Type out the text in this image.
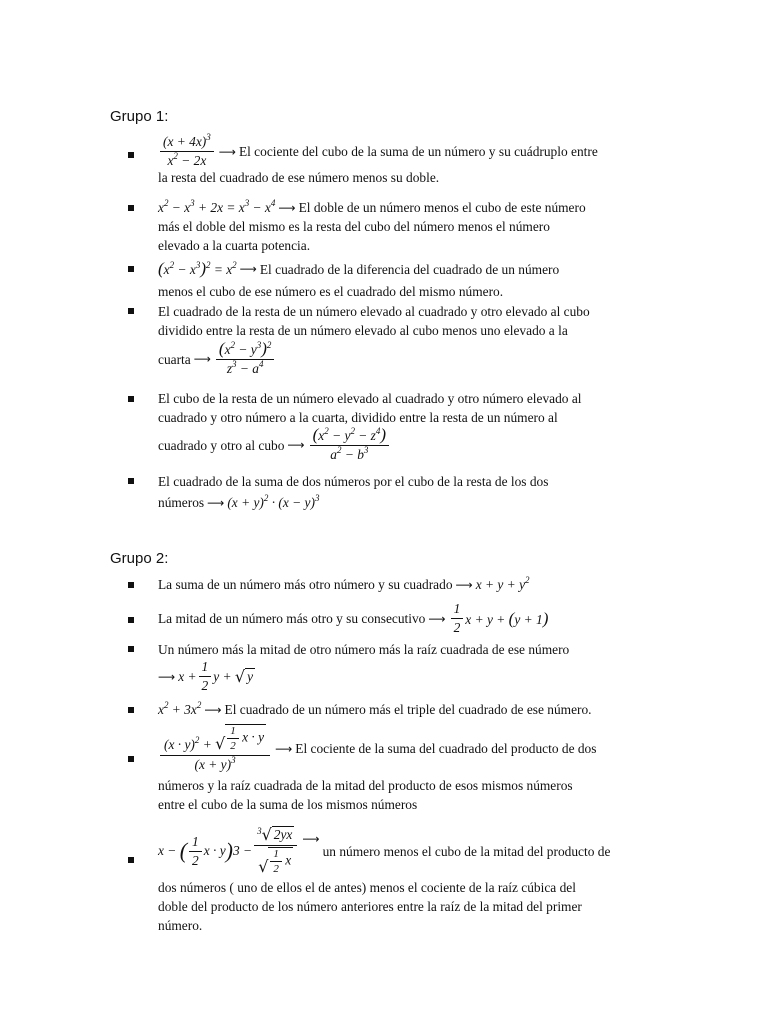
Grupo 1:
$\frac{(x + 4x)^3}{x^2 - 2x}$ ⟶ El cociente del cubo de la suma de un número y su cuádruplo entre
la resta del cuadrado de ese número menos su doble.
$x^2 - x^3 + 2x = x^3 - x^4$ ⟶ El doble de un número menos el cubo de este número
más el doble del mismo es la resta del cubo del número menos el número
elevado a la cuarta potencia.
$(x^2 - x^3)^2 = x^2$ ⟶ El cuadrado de la diferencia del cuadrado de un número
menos el cubo de ese número es el cuadrado del mismo número.
El cuadrado de la resta de un número elevado al cuadrado y otro elevado al cubo
dividido entre la resta de un número elevado al cubo menos uno elevado a la
cuarta ⟶ $\frac{(x^2 - y^3)^2}{z^3 - a^4}$
El cubo de la resta de un número elevado al cuadrado y otro número elevado al
cuadrado y otro número a la cuarta, dividido entre la resta de un número al
cuadrado y otro al cubo ⟶ $\frac{(x^2 - y^2 - z^4)}{a^2 - b^3}$
El cuadrado de la suma de dos números por el cubo de la resta de los dos
números ⟶ $(x + y)^2 \cdot (x - y)^3$
Grupo 2:
La suma de un número más otro número y su cuadrado ⟶ $x + y + y^2$
La mitad de un número más otro y su consecutivo ⟶ $\frac{1}{2}$ x + y + (y + 1)
Un número más la mitad de otro número más la raíz cuadrada de ese número
⟶ $x + \frac{1}{2}$ y + √ y
$x^2 + 3x^2$ ⟶ El cuadrado de un número más el triple del cuadrado de ese número.
$\frac{(x \cdot y)^2 + √ \frac{1}{2} x \cdot y}{(x + y)^3}$ ⟶ El cociente de la suma del cuadrado del producto de dos
números y la raíz cuadrada de la mitad del producto de esos mismos números
entre el cubo de la suma de los mismos números
x − ( $\frac{1}{2}$ x · y ) $3 - \frac{^3 √ 2yx}{√ \frac{1}{2} x}$ ⟶
un número menos el cubo de la mitad del producto de
dos números ( uno de ellos el de antes) menos el cociente de la raíz cúbica del
doble del producto de los número anteriores entre la raíz de la mitad del primer
número.
